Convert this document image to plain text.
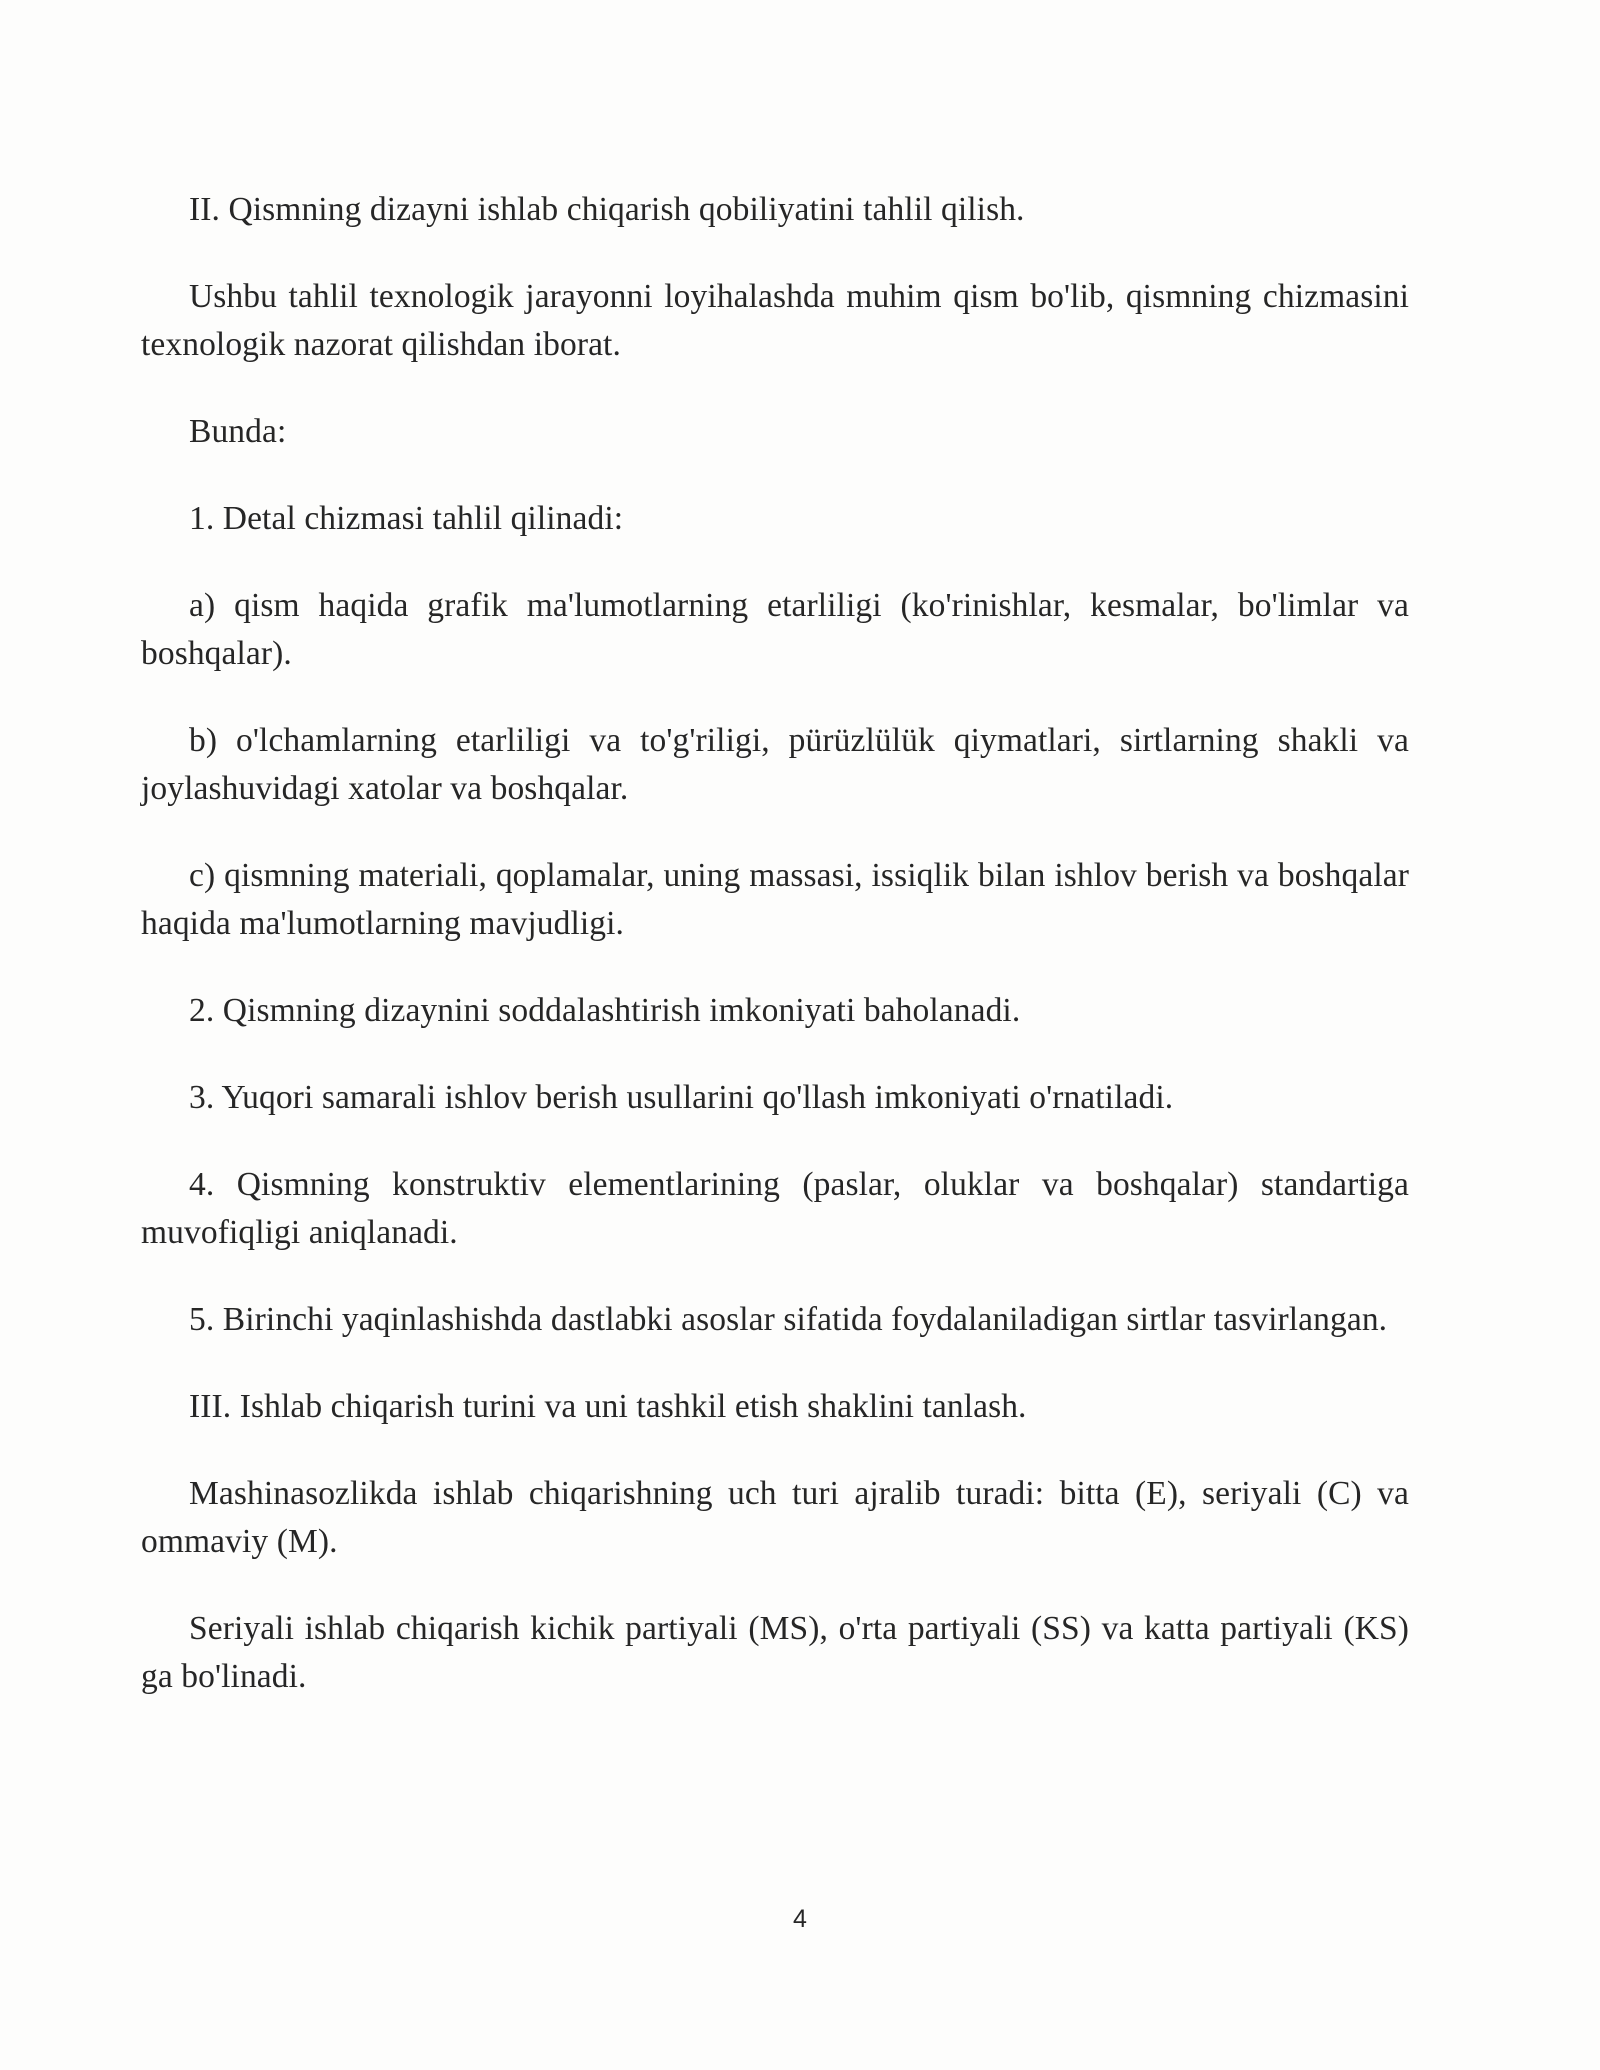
II. Qismning dizayni ishlab chiqarish qobiliyatini tahlil qilish.

Ushbu tahlil texnologik jarayonni loyihalashda muhim qism bo'lib, qismning chizmasini texnologik nazorat qilishdan iborat.

Bunda:

1. Detal chizmasi tahlil qilinadi:

a) qism haqida grafik ma'lumotlarning etarliligi (ko'rinishlar, kesmalar, bo'limlar va boshqalar).

b) o'lchamlarning etarliligi va to'g'riligi, pürüzlülük qiymatlari, sirtlarning shakli va joylashuvidagi xatolar va boshqalar.

c) qismning materiali, qoplamalar, uning massasi, issiqlik bilan ishlov berish va boshqalar haqida ma'lumotlarning mavjudligi.

2. Qismning dizaynini soddalashtirish imkoniyati baholanadi.

3. Yuqori samarali ishlov berish usullarini qo'llash imkoniyati o'rnatiladi.

4. Qismning konstruktiv elementlarining (paslar, oluklar va boshqalar) standartiga muvofiqligi aniqlanadi.

5. Birinchi yaqinlashishda dastlabki asoslar sifatida foydalaniladigan sirtlar tasvirlangan.

III. Ishlab chiqarish turini va uni tashkil etish shaklini tanlash.

Mashinasozlikda ishlab chiqarishning uch turi ajralib turadi: bitta (E), seriyali (C) va ommaviy (M).

Seriyali ishlab chiqarish kichik partiyali (MS), o'rta partiyali (SS) va katta partiyali (KS) ga bo'linadi.

4
